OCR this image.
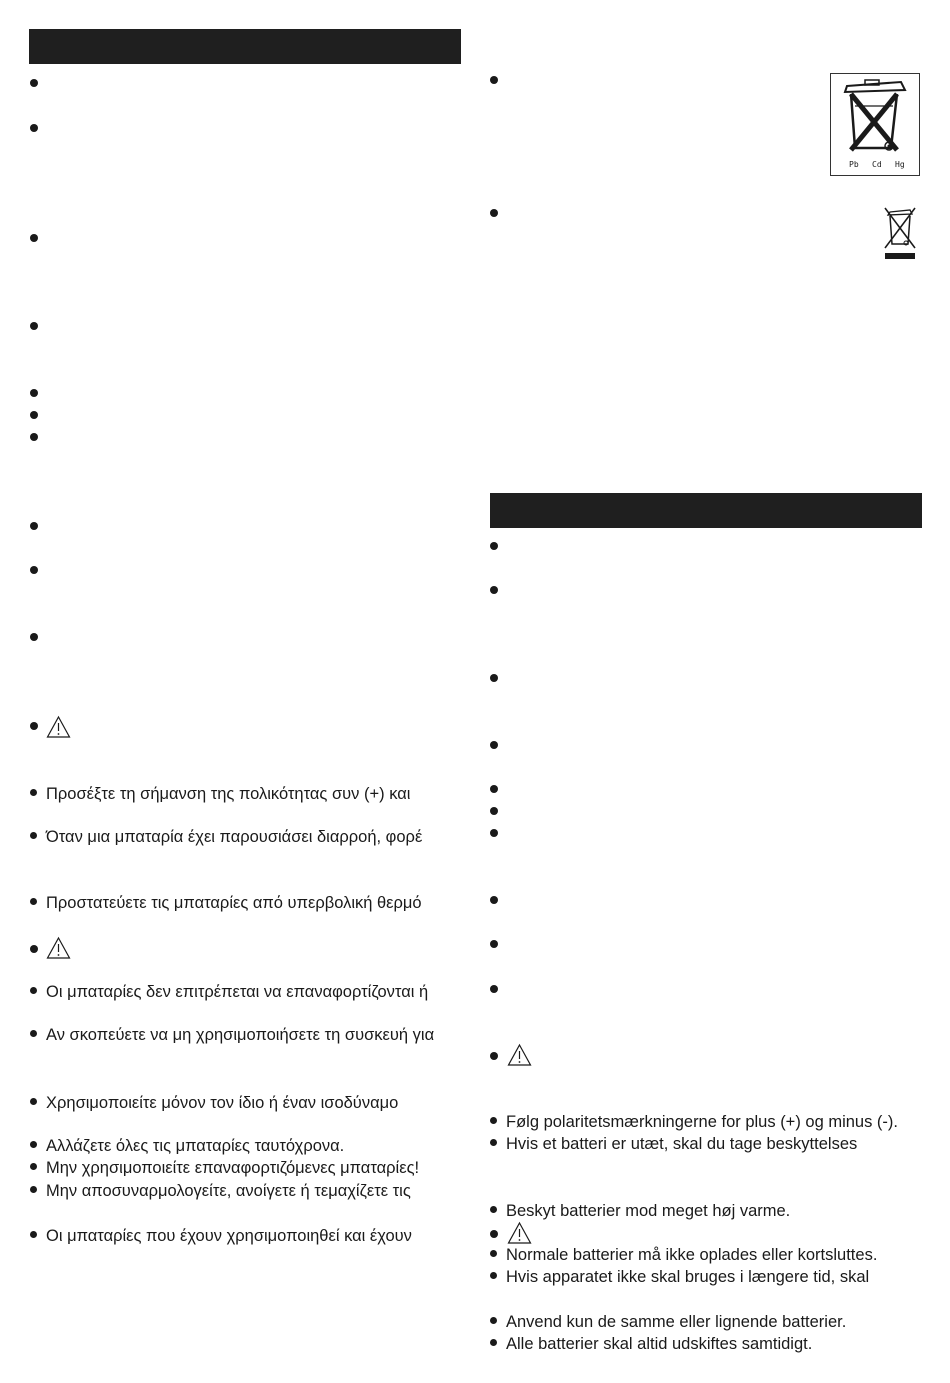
Προσέξτε τη σήμανση της πολικότητας συν (+) και
Όταν μια μπαταρία έχει παρουσιάσει διαρροή, φορέ
Προστατεύετε τις μπαταρίες από υπερβολική θερμό
Οι μπαταρίες δεν επιτρέπεται να επαναφορτίζονται ή
Αν σκοπεύετε να μη χρησιμοποιήσετε τη συσκευή για
Χρησιμοποιείτε μόνον τον ίδιο ή έναν ισοδύναμο
Αλλάζετε όλες τις μπαταρίες ταυτόχρονα.
Μην χρησιμοποιείτε επαναφορτιζόμενες μπαταρίες!
Μην αποσυναρμολογείτε, ανοίγετε ή τεμαχίζετε τις
Οι μπαταρίες που έχουν χρησιμοποιηθεί και έχουν
Pb Cd Hg
Følg polaritetsmærkningerne for plus (+) og minus (-).
Hvis et batteri er utæt, skal du tage beskyttelses
Beskyt batterier mod meget høj varme.
Normale batterier må ikke oplades eller kortsluttes.
Hvis apparatet ikke skal bruges i længere tid, skal
Anvend kun de samme eller lignende batterier.
Alle batterier skal altid udskiftes samtidigt.
